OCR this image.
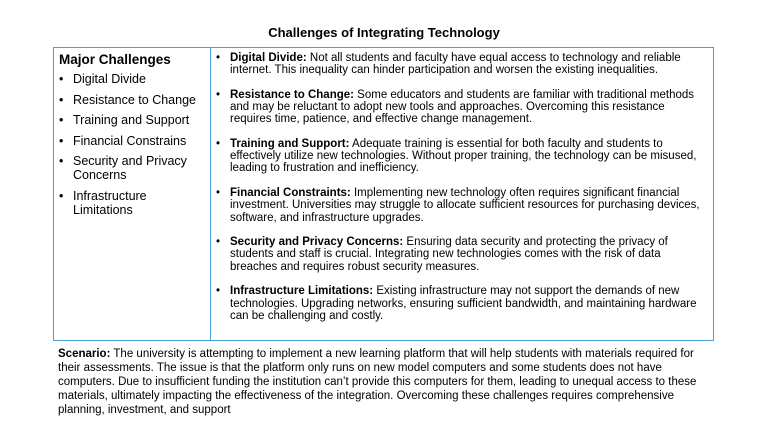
Challenges of Integrating Technology
Major Challenges
• Digital Divide
• Resistance to Change
• Training and Support
• Financial Constrains
• Security and Privacy Concerns
• Infrastructure Limitations
• Digital Divide: Not all students and faculty have equal access to technology and reliable internet. This inequality can hinder participation and worsen the existing inequalities.
• Resistance to Change: Some educators and students are familiar with traditional methods and may be reluctant to adopt new tools and approaches. Overcoming this resistance requires time, patience, and effective change management.
• Training and Support: Adequate training is essential for both faculty and students to effectively utilize new technologies. Without proper training, the technology can be misused, leading to frustration and inefficiency.
• Financial Constraints: Implementing new technology often requires significant financial investment. Universities may struggle to allocate sufficient resources for purchasing devices, software, and infrastructure upgrades.
• Security and Privacy Concerns: Ensuring data security and protecting the privacy of students and staff is crucial. Integrating new technologies comes with the risk of data breaches and requires robust security measures.
• Infrastructure Limitations: Existing infrastructure may not support the demands of new technologies. Upgrading networks, ensuring sufficient bandwidth, and maintaining hardware can be challenging and costly.
Scenario: The university is attempting to implement a new learning platform that will help students with materials required for their assessments. The issue is that the platform only runs on new model computers and some students does not have computers. Due to insufficient funding the institution can’t provide this computers for them, leading to unequal access to these materials, ultimately impacting the effectiveness of the integration. Overcoming these challenges requires comprehensive planning, investment, and support
